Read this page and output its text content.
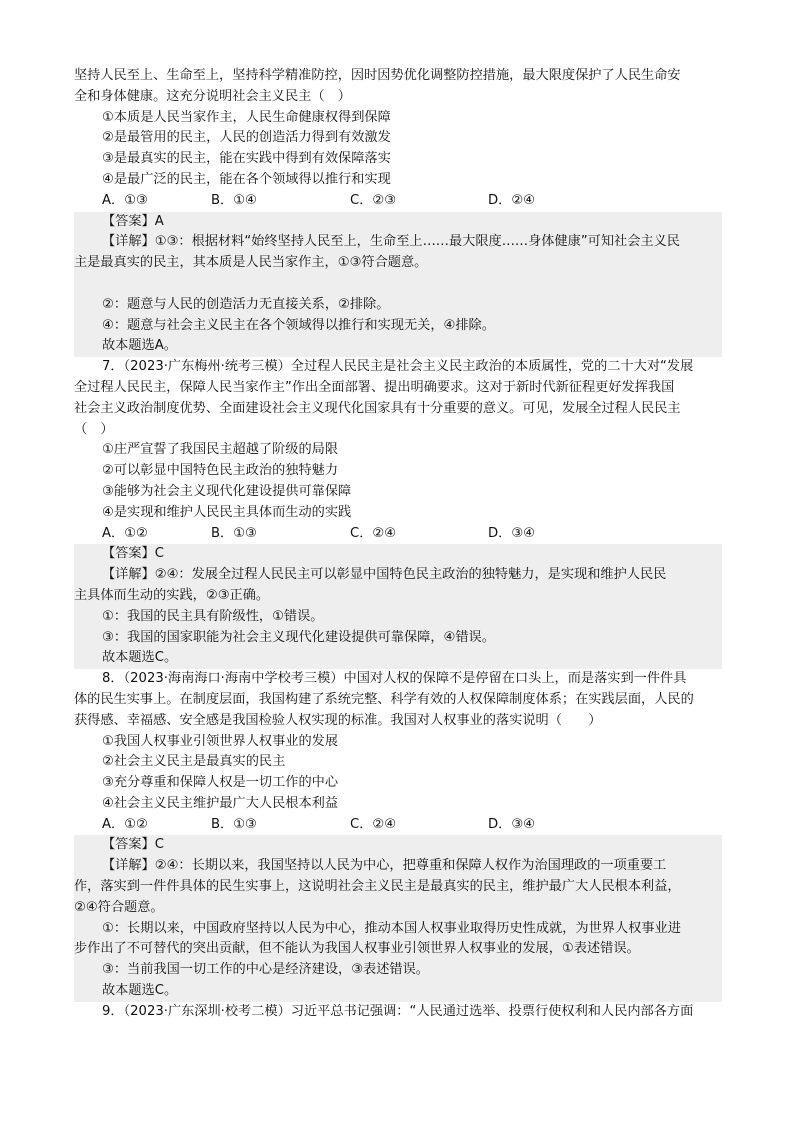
坚持人民至上、生命至上，坚持科学精准防控，因时因势优化调整防控措施，最大限度保护了人民生命安
全和身体健康。这充分说明社会主义民主（　）
①本质是人民当家作主，人民生命健康权得到保障
②是最管用的民主，人民的创造活力得到有效激发
③是最真实的民主，能在实践中得到有效保障落实
④是最广泛的民主，能在各个领域得以推行和实现
A．①③	B．①④	C．②③	D．②④
【答案】A
【详解】①③：根据材料“始终坚持人民至上，生命至上……最大限度……身体健康”可知社会主义民
主是最真实的民主，其本质是人民当家作主，①③符合题意。
②：题意与人民的创造活力无直接关系，②排除。
④：题意与社会主义民主在各个领域得以推行和实现无关，④排除。
故本题选A。
7．（2023·广东梅州·统考三模）全过程人民民主是社会主义民主政治的本质属性，党的二十大对“发展
全过程人民民主，保障人民当家作主”作出全面部署、提出明确要求。这对于新时代新征程更好发挥我国
社会主义政治制度优势、全面建设社会主义现代化国家具有十分重要的意义。可见，发展全过程人民民主
（　）
①庄严宣誓了我国民主超越了阶级的局限
②可以彰显中国特色民主政治的独特魅力
③能够为社会主义现代化建设提供可靠保障
④是实现和维护人民民主具体而生动的实践
A．①②	B．①③	C．②④	D．③④
【答案】C
【详解】②④：发展全过程人民民主可以彰显中国特色民主政治的独特魅力，是实现和维护人民民
主具体而生动的实践，②③正确。
①：我国的民主具有阶级性，①错误。
③：我国的国家职能为社会主义现代化建设提供可靠保障，④错误。
故本题选C。
8．（2023·海南海口·海南中学校考三模）中国对人权的保障不是停留在口头上，而是落实到一件件具
体的民生实事上。在制度层面，我国构建了系统完整、科学有效的人权保障制度体系；在实践层面，人民的
获得感、幸福感、安全感是我国检验人权实现的标准。我国对人权事业的落实说明（　　）
①我国人权事业引领世界人权事业的发展
②社会主义民主是最真实的民主
③充分尊重和保障人权是一切工作的中心
④社会主义民主维护最广大人民根本利益
A．①②	B．①③	C．②④	D．③④
【答案】C
【详解】②④：长期以来，我国坚持以人民为中心，把尊重和保障人权作为治国理政的一项重要工
作，落实到一件件具体的民生实事上，这说明社会主义民主是最真实的民主，维护最广大人民根本利益，
②④符合题意。
①：长期以来，中国政府坚持以人民为中心，推动本国人权事业取得历史性成就，为世界人权事业进
步作出了不可替代的突出贡献，但不能认为我国人权事业引领世界人权事业的发展，①表述错误。
③：当前我国一切工作的中心是经济建设，③表述错误。
故本题选C。
9．（2023·广东深圳·校考二模）习近平总书记强调：“人民通过选举、投票行使权利和人民内部各方面
